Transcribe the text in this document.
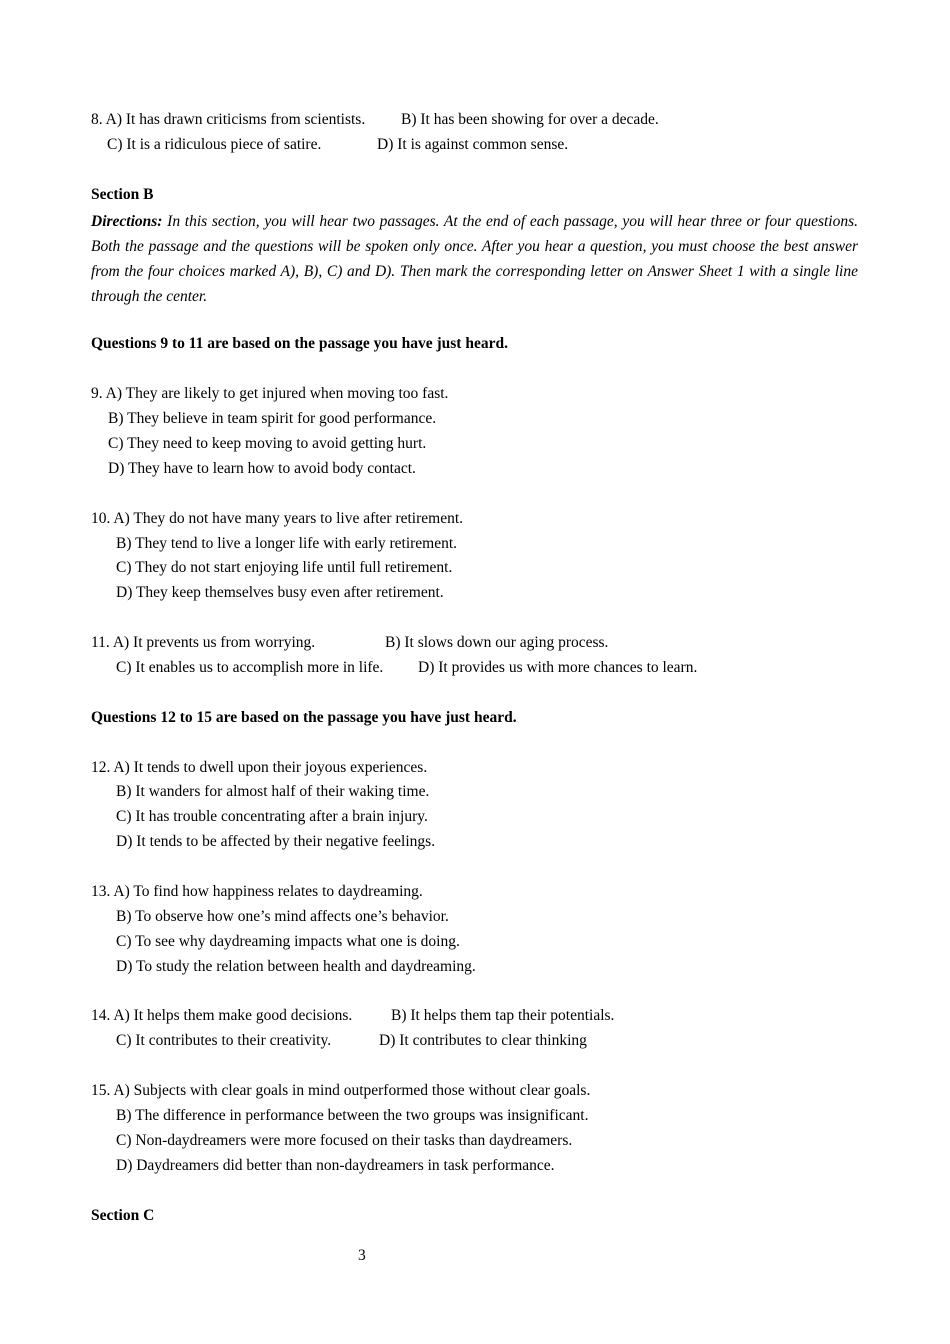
8. A) It has drawn criticisms from scientists. B) It has been showing for over a decade.
C) It is a ridiculous piece of satire.	D) It is against common sense.
Section B
Directions: In this section, you will hear two passages. At the end of each passage, you will hear three or four questions. Both the passage and the questions will be spoken only once. After you hear a question, you must choose the best answer from the four choices marked A), B), C) and D). Then mark the corresponding letter on Answer Sheet 1 with a single line through the center.
Questions 9 to 11 are based on the passage you have just heard.
9. A) They are likely to get injured when moving too fast.
B) They believe in team spirit for good performance.
C) They need to keep moving to avoid getting hurt.
D) They have to learn how to avoid body contact.
10. A) They do not have many years to live after retirement.
B) They tend to live a longer life with early retirement.
C) They do not start enjoying life until full retirement.
D) They keep themselves busy even after retirement.
11. A) It prevents us from worrying.	B) It slows down our aging process.
C) It enables us to accomplish more in life. D) It provides us with more chances to learn.
Questions 12 to 15 are based on the passage you have just heard.
12. A) It tends to dwell upon their joyous experiences.
B) It wanders for almost half of their waking time.
C) It has trouble concentrating after a brain injury.
D) It tends to be affected by their negative feelings.
13. A) To find how happiness relates to daydreaming.
B) To observe how one’s mind affects one’s behavior.
C) To see why daydreaming impacts what one is doing.
D) To study the relation between health and daydreaming.
14. A) It helps them make good decisions. B) It helps them tap their potentials.
C) It contributes to their creativity.	D) It contributes to clear thinking
15. A) Subjects with clear goals in mind outperformed those without clear goals.
B) The difference in performance between the two groups was insignificant.
C) Non-daydreamers were more focused on their tasks than daydreamers.
D) Daydreamers did better than non-daydreamers in task performance.
Section C
3
